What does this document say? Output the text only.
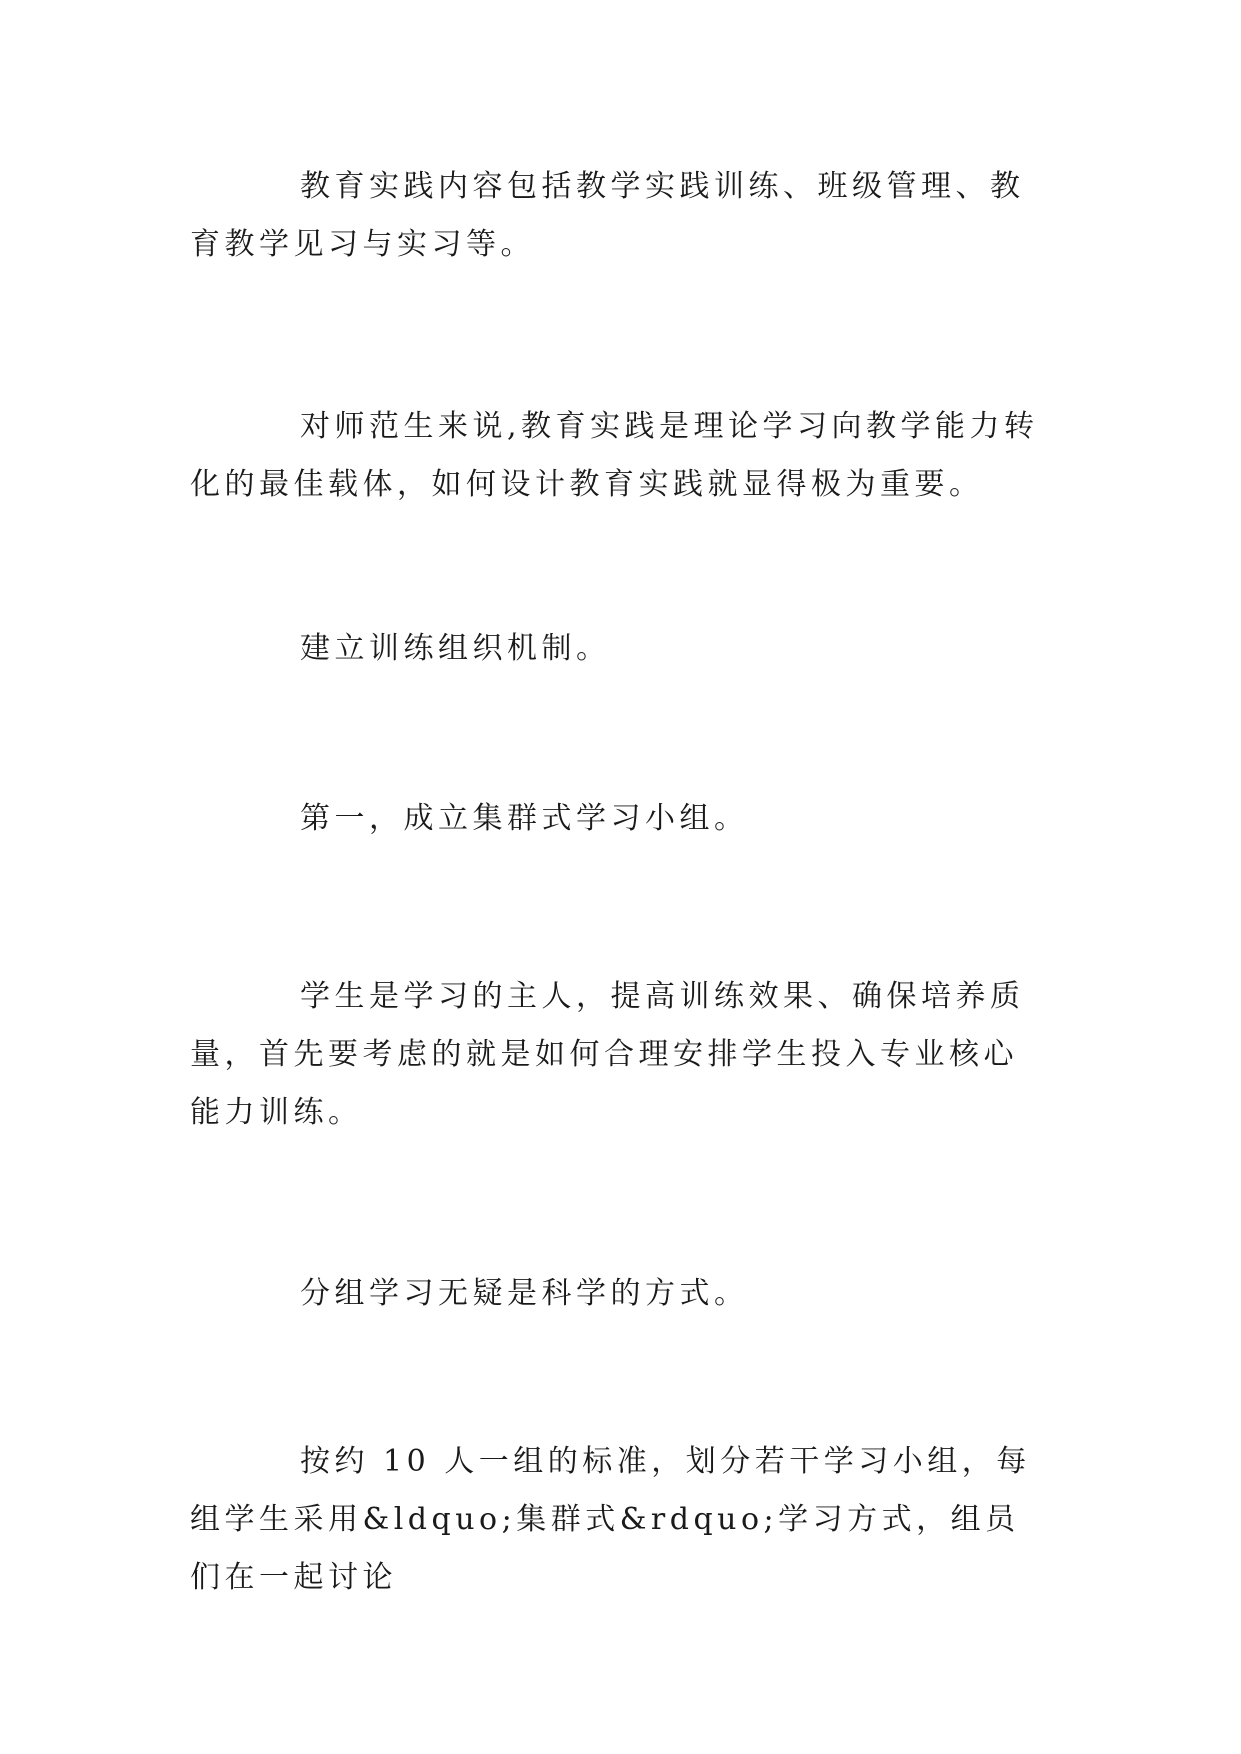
教育实践内容包括教学实践训练、班级管理、教育教学见习与实习等。

对师范生来说,教育实践是理论学习向教学能力转化的最佳载体，如何设计教育实践就显得极为重要。

建立训练组织机制。

第一，成立集群式学习小组。

学生是学习的主人，提高训练效果、确保培养质量，首先要考虑的就是如何合理安排学生投入专业核心能力训练。

分组学习无疑是科学的方式。

按约 10 人一组的标准，划分若干学习小组，每组学生采用&ldquo;集群式&rdquo;学习方式，组员们在一起讨论
